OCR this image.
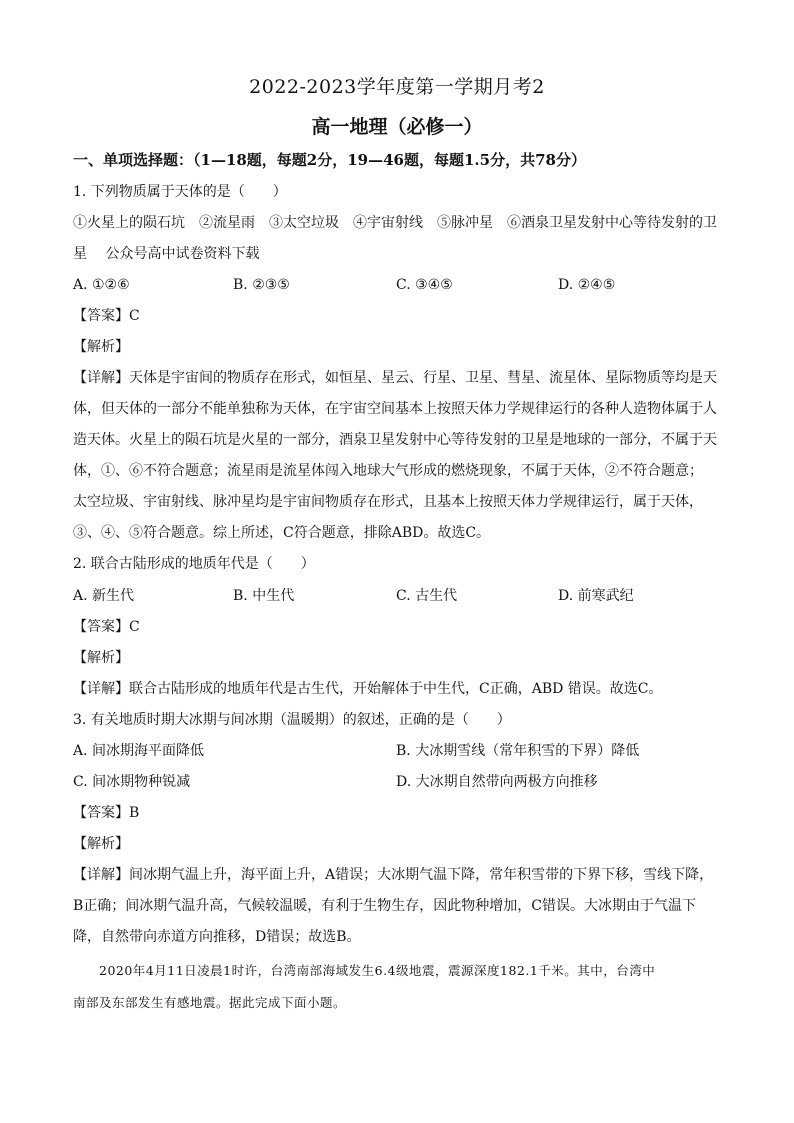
2022-2023学年度第一学期月考2
高一地理（必修一）
一、单项选择题：（1—18题，每题2分，19—46题，每题1.5分，共78分）
1. 下列物质属于天体的是（　　）
①火星上的陨石坑　②流星雨　③太空垃圾　④宇宙射线　⑤脉冲星　⑥酒泉卫星发射中心等待发射的卫
星　 公众号高中试卷资料下载
A. ①②⑥	B. ②③⑤	C. ③④⑤	D. ②④⑤
【答案】C
【解析】
【详解】天体是宇宙间的物质存在形式，如恒星、星云、行星、卫星、彗星、流星体、星际物质等均是天
体，但天体的一部分不能单独称为天体，在宇宙空间基本上按照天体力学规律运行的各种人造物体属于人
造天体。火星上的陨石坑是火星的一部分，酒泉卫星发射中心等待发射的卫星是地球的一部分，不属于天
体，①、⑥不符合题意；流星雨是流星体闯入地球大气形成的燃烧现象，不属于天体，②不符合题意；
太空垃圾、宇宙射线、脉冲星均是宇宙间物质存在形式，且基本上按照天体力学规律运行，属于天体，
③、④、⑤符合题意。综上所述，C符合题意，排除ABD。故选C。
2. 联合古陆形成的地质年代是（　　）
A. 新生代	B. 中生代	C. 古生代	D. 前寒武纪
【答案】C
【解析】
【详解】联合古陆形成的地质年代是古生代，开始解体于中生代，C正确，ABD 错误。故选C。
3. 有关地质时期大冰期与间冰期（温暖期）的叙述，正确的是（　　）
A. 间冰期海平面降低	B. 大冰期雪线（常年积雪的下界）降低
C. 间冰期物种锐减	D. 大冰期自然带向两极方向推移
【答案】B
【解析】
【详解】间冰期气温上升，海平面上升，A错误；大冰期气温下降，常年积雪带的下界下移，雪线下降，
B正确；间冰期气温升高，气候较温暖，有利于生物生存，因此物种增加，C错误。大冰期由于气温下
降，自然带向赤道方向推移，D错误；故选B。
　　2020年4月11日凌晨1时许，台湾南部海域发生6.4级地震，震源深度182.1千米。其中，台湾中
南部及东部发生有感地震。据此完成下面小题。
